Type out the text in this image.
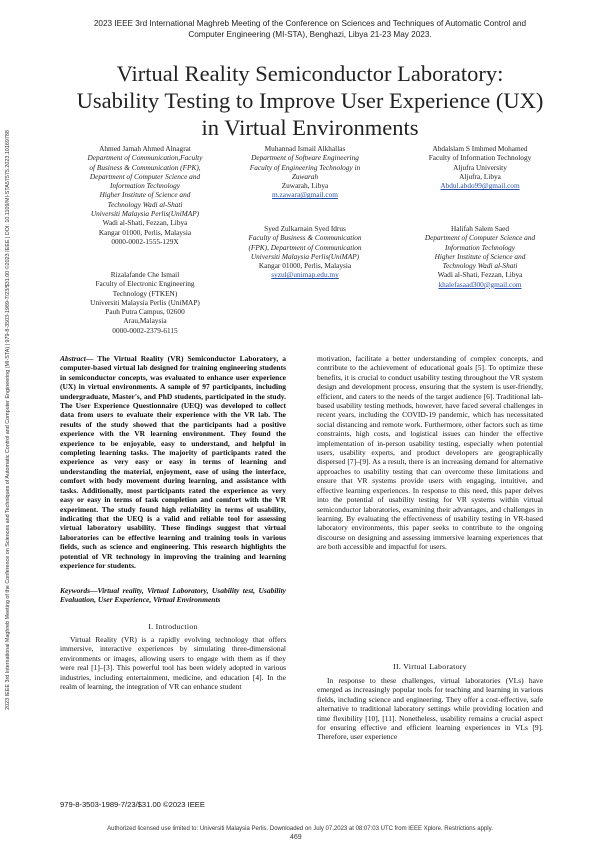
2023 IEEE 3rd International Maghreb Meeting of the Conference on Sciences and Techniques of Automatic Control and Computer Engineering (MI-STA) | 979-8-3503-1989-7/23/$31.00 ©2023 IEEE | DOI: 10.1109/MI-STA57575.2023.10169788
2023 IEEE 3rd International Maghreb Meeting of the Conference on Sciences and Techniques of Automatic Control and
Computer Engineering (MI-STA), Benghazi, Libya 21-23 May 2023.
Virtual Reality Semiconductor Laboratory:
Usability Testing to Improve User Experience (UX)
in Virtual Environments
Ahmed Jamah Ahmed Alnagrat
Department of Communication,Faculty
of Business & Communication (FPK),
Department of Computer Science and
Information Technology
Higher Institute of Science and
Technology Wadi al-Shati
Universiti Malaysia Perlis(UniMAP)
Wadi al-Shati, Fezzan, Libya
Kangar 01000, Perlis, Malaysia
0000-0002-1555-129X
Muhannad Ismail Alkhallas
Department of Software Engineering
Faculty of Engineering Technology in
Zuwarah
Zuwarah, Libya
m.zawara@gmail.com
Abdalslam S Imhmed Mohamed
Faculty of Information Technology
Aljufra University
Aljufra, Libya
Abdul.abdo99@gmail.com
Rizalafande Che Ismail
Faculty of Electronic Engineering
Technology (FTKEN)
Universiti Malaysia Perlis (UniMAP)
Pauh Putra Campus, 02600
Arau,Malaysia
0000-0002-2379-6115
Syed Zulkarnain Syed Idrus
Faculty of Business & Communication
(FPK), Department of Communication
Universiti Malaysia Perlis(UniMAP)
Kangar 01000, Perlis, Malaysia
syzul@unimap.edu.my
Halifah Salem Saed
Department of Computer Science and
Information Technology
Higher Institute of Science and
Technology Wadi al-Shati
Wadi al-Shati, Fezzan, Libya
khalefasaad300@gmail.com
Abstract— The Virtual Reality (VR) Semiconductor Laboratory, a computer-based virtual lab designed for training engineering students in semiconductor concepts, was evaluated to enhance user experience (UX) in virtual environments. A sample of 97 participants, including undergraduate, Master's, and PhD students, participated in the study. The User Experience Questionnaire (UEQ) was developed to collect data from users to evaluate their experience with the VR lab. The results of the study showed that the participants had a positive experience with the VR learning environment. They found the experience to be enjoyable, easy to understand, and helpful in completing learning tasks. The majority of participants rated the experience as very easy or easy in terms of learning and understanding the material, enjoyment, ease of using the interface, comfort with body movement during learning, and assistance with tasks. Additionally, most participants rated the experience as very easy or easy in terms of task completion and comfort with the VR experiment. The study found high reliability in terms of usability, indicating that the UEQ is a valid and reliable tool for assessing virtual laboratory usability. These findings suggest that virtual laboratories can be effective learning and training tools in various fields, such as science and engineering. This research highlights the potential of VR technology in improving the training and learning experience for students.
Keywords—Virtual reality, Virtual Laboratory, Usability test, Usability Evaluation, User Experience, Virtual Environments
I. Introduction
Virtual Reality (VR) is a rapidly evolving technology that offers immersive, interactive experiences by simulating three-dimensional environments or images, allowing users to engage with them as if they were real [1]–[3]. This powerful tool has been widely adopted in various industries, including entertainment, medicine, and education [4]. In the realm of learning, the integration of VR can enhance student
motivation, facilitate a better understanding of complex concepts, and contribute to the achievement of educational goals [5]. To optimize these benefits, it is crucial to conduct usability testing throughout the VR system design and development process, ensuring that the system is user-friendly, efficient, and caters to the needs of the target audience [6]. Traditional lab-based usability testing methods, however, have faced several challenges in recent years, including the COVID-19 pandemic, which has necessitated social distancing and remote work. Furthermore, other factors such as time constraints, high costs, and logistical issues can hinder the effective implementation of in-person usability testing, especially when potential users, usability experts, and product developers are geographically dispersed [7]–[9]. As a result, there is an increasing demand for alternative approaches to usability testing that can overcome these limitations and ensure that VR systems provide users with engaging, intuitive, and effective learning experiences. In response to this need, this paper delves into the potential of usability testing for VR systems within virtual semiconductor laboratories, examining their advantages, and challenges in learning. By evaluating the effectiveness of usability testing in VR-based laboratory environments, this paper seeks to contribute to the ongoing discourse on designing and assessing immersive learning experiences that are both accessible and impactful for users.
II. Virtual Laboratory
In response to these challenges, virtual laboratories (VLs) have emerged as increasingly popular tools for teaching and learning in various fields, including science and engineering. They offer a cost-effective, safe alternative to traditional laboratory settings while providing location and time flexibility [10], [11]. Nonetheless, usability remains a crucial aspect for ensuring effective and efficient learning experiences in VLs [9]. Therefore, user experience
979-8-3503-1989-7/23/$31.00 ©2023 IEEE
Authorized licensed use limited to: Universiti Malaysia Perlis. Downloaded on July 07,2023 at 08:07:03 UTC from IEEE Xplore. Restrictions apply.
469
